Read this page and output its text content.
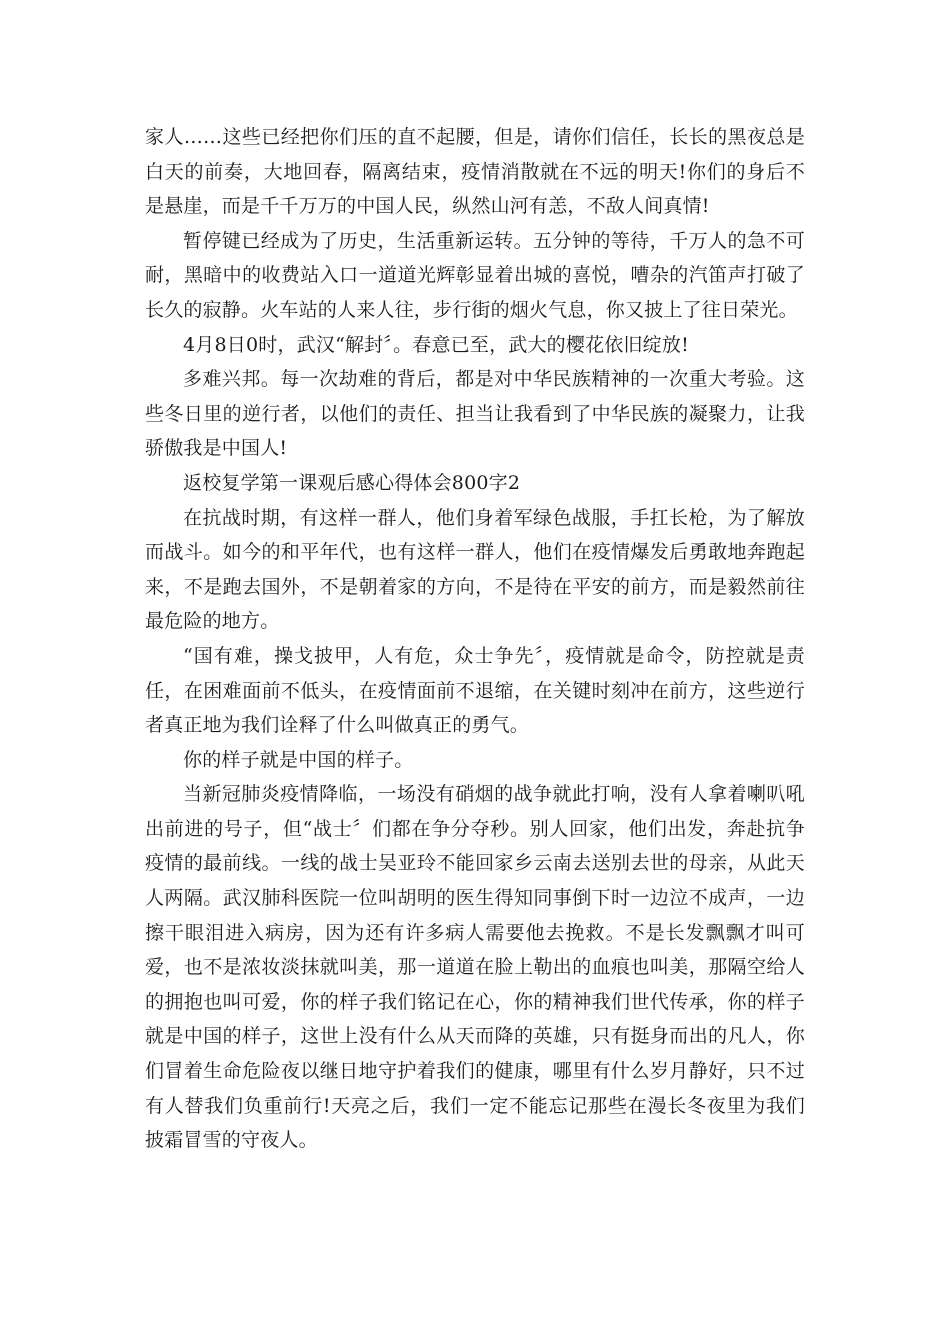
家人……这些已经把你们压的直不起腰，但是，请你们信任，长长的黑夜总是白天的前奏，大地回春，隔离结束，疫情消散就在不远的明天!你们的身后不是悬崖，而是千千万万的中国人民，纵然山河有恙，不敌人间真情!

暂停键已经成为了历史，生活重新运转。五分钟的等待，千万人的急不可耐，黑暗中的收费站入口一道道光辉彰显着出城的喜悦，嘈杂的汽笛声打破了长久的寂静。火车站的人来人往，步行街的烟火气息，你又披上了往日荣光。

4月8日0时，武汉“解封〞。春意已至，武大的樱花依旧绽放!

多难兴邦。每一次劫难的背后，都是对中华民族精神的一次重大考验。这些冬日里的逆行者，以他们的责任、担当让我看到了中华民族的凝聚力，让我骄傲我是中国人!

返校复学第一课观后感心得体会800字2

在抗战时期，有这样一群人，他们身着军绿色战服，手扛长枪，为了解放而战斗。如今的和平年代，也有这样一群人，他们在疫情爆发后勇敢地奔跑起来，不是跑去国外，不是朝着家的方向，不是待在平安的前方，而是毅然前往最危险的地方。

“国有难，操戈披甲，人有危，众士争先〞，疫情就是命令，防控就是责任，在困难面前不低头，在疫情面前不退缩，在关键时刻冲在前方，这些逆行者真正地为我们诠释了什么叫做真正的勇气。

你的样子就是中国的样子。

当新冠肺炎疫情降临，一场没有硝烟的战争就此打响，没有人拿着喇叭吼出前进的号子，但“战士〞们都在争分夺秒。别人回家，他们出发，奔赴抗争疫情的最前线。一线的战士吴亚玲不能回家乡云南去送别去世的母亲，从此天人两隔。武汉肺科医院一位叫胡明的医生得知同事倒下时一边泣不成声，一边擦干眼泪进入病房，因为还有许多病人需要他去挽救。不是长发飘飘才叫可爱，也不是浓妆淡抹就叫美，那一道道在脸上勒出的血痕也叫美，那隔空给人的拥抱也叫可爱，你的样子我们铭记在心，你的精神我们世代传承，你的样子就是中国的样子，这世上没有什么从天而降的英雄，只有挺身而出的凡人，你们冒着生命危险夜以继日地守护着我们的健康，哪里有什么岁月静好，只不过有人替我们负重前行!天亮之后，我们一定不能忘记那些在漫长冬夜里为我们披霜冒雪的守夜人。
